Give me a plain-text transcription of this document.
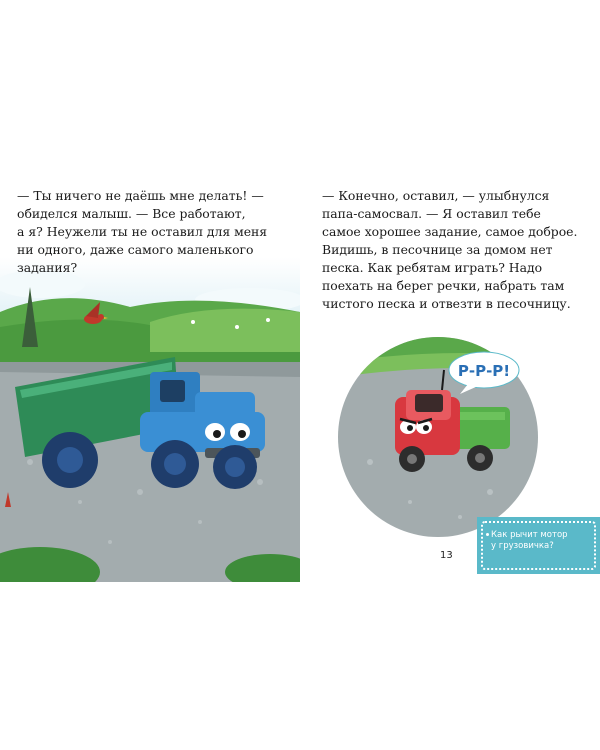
— Ты ничего не даёшь мне делать! —
обиделся малыш. — Все работают,
а я? Неужели ты не оставил для меня
ни одного, даже самого маленького
задания?
Р-Р-Р!
— Конечно, оставил, — улыбнулся
папа-самосвал. — Я оставил тебе
самое хорошее задание, самое доброе.
Видишь, в песочнице за домом нет
песка. Как ребятам играть? Надо
поехать на берег речки, набрать там
чистого песка и отвезти в песочницу.
13
Как рычит мотор
у грузовичка?
